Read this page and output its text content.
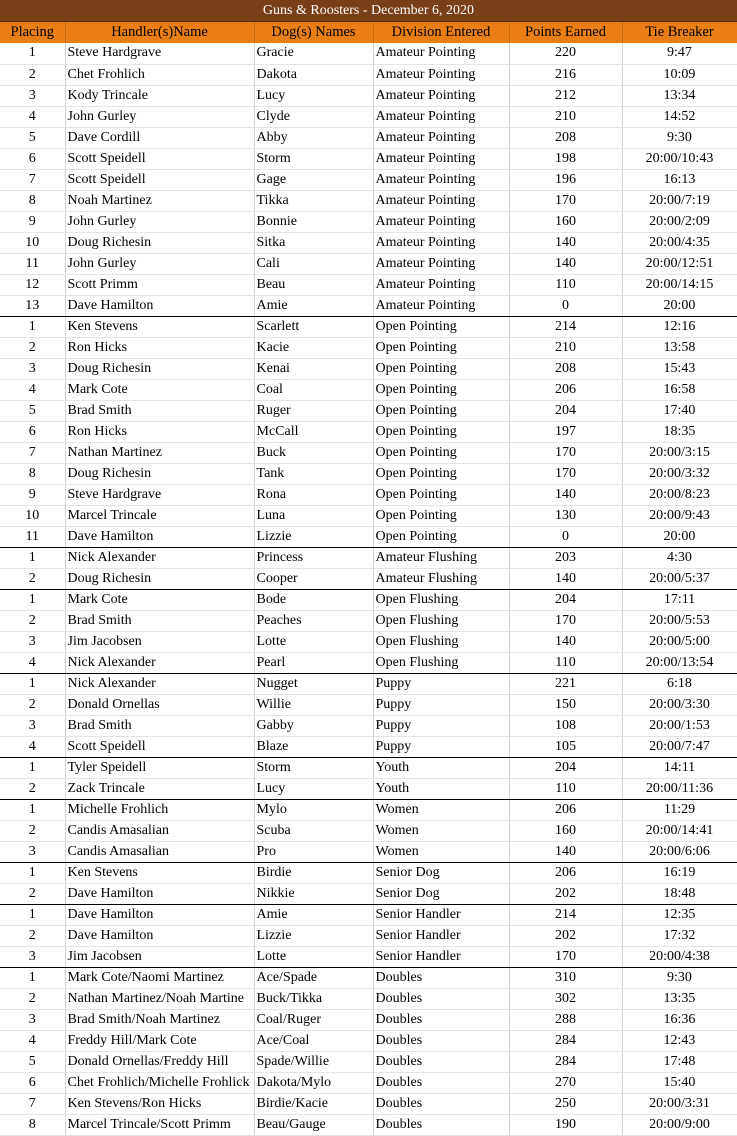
Guns & Roosters - December 6, 2020
Placing	Handler(s)Name	Dog(s) Names	Division Entered	Points Earned	Tie Breaker
1	Steve Hardgrave	Gracie	Amateur Pointing	220	9:47
2	Chet Frohlich	Dakota	Amateur Pointing	216	10:09
3	Kody Trincale	Lucy	Amateur Pointing	212	13:34
4	John Gurley	Clyde	Amateur Pointing	210	14:52
5	Dave Cordill	Abby	Amateur Pointing	208	9:30
6	Scott Speidell	Storm	Amateur Pointing	198	20:00/10:43
7	Scott Speidell	Gage	Amateur Pointing	196	16:13
8	Noah Martinez	Tikka	Amateur Pointing	170	20:00/7:19
9	John Gurley	Bonnie	Amateur Pointing	160	20:00/2:09
10	Doug Richesin	Sitka	Amateur Pointing	140	20:00/4:35
11	John Gurley	Cali	Amateur Pointing	140	20:00/12:51
12	Scott Primm	Beau	Amateur Pointing	110	20:00/14:15
13	Dave Hamilton	Amie	Amateur Pointing	0	20:00
1	Ken Stevens	Scarlett	Open Pointing	214	12:16
2	Ron Hicks	Kacie	Open Pointing	210	13:58
3	Doug Richesin	Kenai	Open Pointing	208	15:43
4	Mark Cote	Coal	Open Pointing	206	16:58
5	Brad Smith	Ruger	Open Pointing	204	17:40
6	Ron Hicks	McCall	Open Pointing	197	18:35
7	Nathan Martinez	Buck	Open Pointing	170	20:00/3:15
8	Doug Richesin	Tank	Open Pointing	170	20:00/3:32
9	Steve Hardgrave	Rona	Open Pointing	140	20:00/8:23
10	Marcel Trincale	Luna	Open Pointing	130	20:00/9:43
11	Dave Hamilton	Lizzie	Open Pointing	0	20:00
1	Nick Alexander	Princess	Amateur Flushing	203	4:30
2	Doug Richesin	Cooper	Amateur Flushing	140	20:00/5:37
1	Mark Cote	Bode	Open Flushing	204	17:11
2	Brad Smith	Peaches	Open Flushing	170	20:00/5:53
3	Jim Jacobsen	Lotte	Open Flushing	140	20:00/5:00
4	Nick Alexander	Pearl	Open Flushing	110	20:00/13:54
1	Nick Alexander	Nugget	Puppy	221	6:18
2	Donald Ornellas	Willie	Puppy	150	20:00/3:30
3	Brad Smith	Gabby	Puppy	108	20:00/1:53
4	Scott Speidell	Blaze	Puppy	105	20:00/7:47
1	Tyler Speidell	Storm	Youth	204	14:11
2	Zack Trincale	Lucy	Youth	110	20:00/11:36
1	Michelle Frohlich	Mylo	Women	206	11:29
2	Candis Amasalian	Scuba	Women	160	20:00/14:41
3	Candis Amasalian	Pro	Women	140	20:00/6:06
1	Ken Stevens	Birdie	Senior Dog	206	16:19
2	Dave Hamilton	Nikkie	Senior Dog	202	18:48
1	Dave Hamilton	Amie	Senior Handler	214	12:35
2	Dave Hamilton	Lizzie	Senior Handler	202	17:32
3	Jim Jacobsen	Lotte	Senior Handler	170	20:00/4:38
1	Mark Cote/Naomi Martinez	Ace/Spade	Doubles	310	9:30
2	Nathan Martinez/Noah Martine	Buck/Tikka	Doubles	302	13:35
3	Brad Smith/Noah Martinez	Coal/Ruger	Doubles	288	16:36
4	Freddy Hill/Mark Cote	Ace/Coal	Doubles	284	12:43
5	Donald Ornellas/Freddy Hill	Spade/Willie	Doubles	284	17:48
6	Chet Frohlich/Michelle Frohlick	Dakota/Mylo	Doubles	270	15:40
7	Ken Stevens/Ron Hicks	Birdie/Kacie	Doubles	250	20:00/3:31
8	Marcel Trincale/Scott Primm	Beau/Gauge	Doubles	190	20:00/9:00
